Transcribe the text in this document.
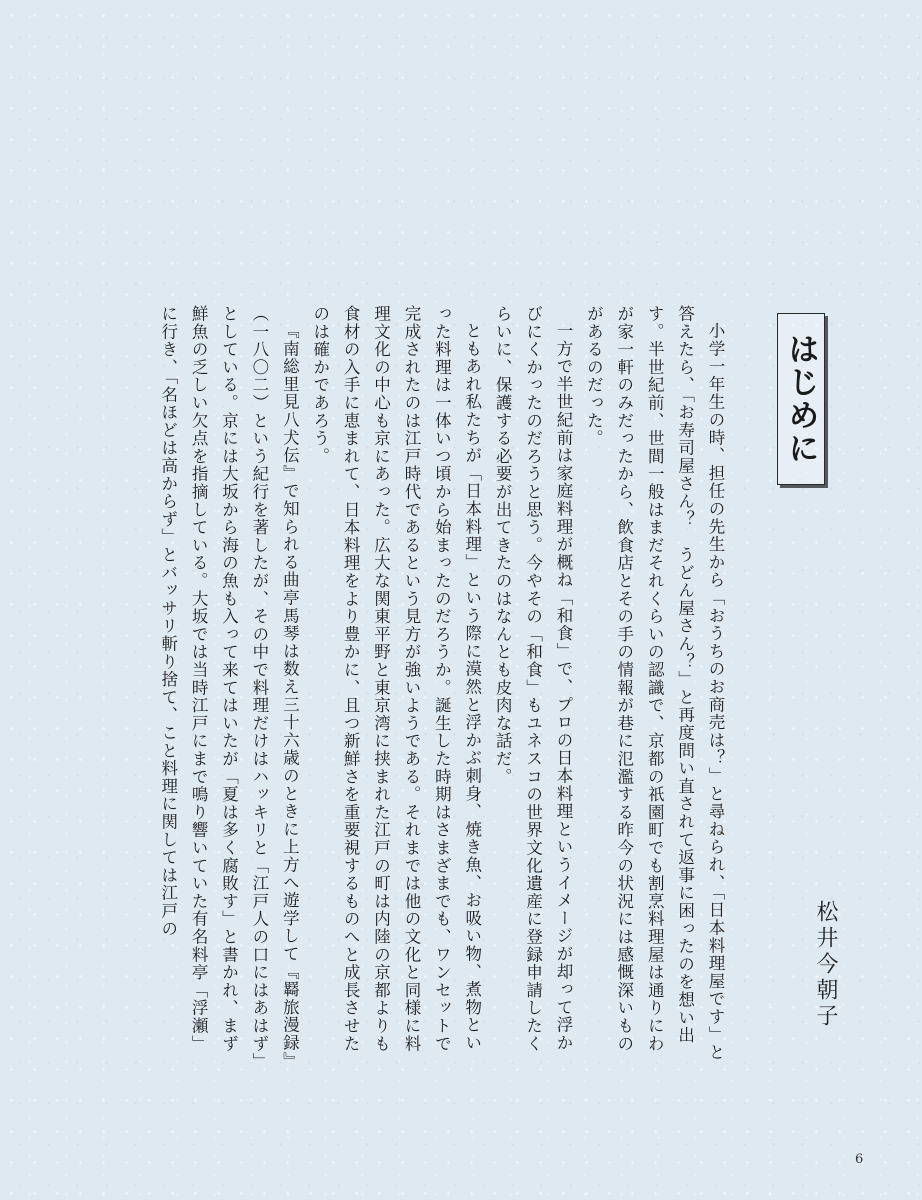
はじめに
松井今朝子

小学一年生の時、担任の先生から「おうちのお商売は？」と尋ねられ、「日本料理屋です」と答えたら、「お寿司屋さん？　うどん屋さん？」と再度問い直されて返事に困ったのを想い出す。半世紀前、世間一般はまだそれくらいの認識で、京都の祇園町でも割烹料理屋は通りにわが家一軒のみだったから、飲食店とその手の情報が巷に氾濫する昨今の状況には感慨深いものがあるのだった。

一方で半世紀前は家庭料理が概ね「和食」で、プロの日本料理というイメージが却って浮かびにくかったのだろうと思う。今やその「和食」もユネスコの世界文化遺産に登録申請したくらいに、保護する必要が出てきたのはなんとも皮肉な話だ。

ともあれ私たちが「日本料理」という際に漠然と浮かぶ刺身、焼き魚、お吸い物、煮物といった料理は一体いつ頃から始まったのだろうか。誕生した時期はさまざまでも、ワンセットで完成されたのは江戸時代であるという見方が強いようである。それまでは他の文化と同様に料理文化の中心も京にあった。広大な関東平野と東京湾に挟まれた江戸の町は内陸の京都よりも食材の入手に恵まれて、日本料理をより豊かに、且つ新鮮さを重要視するものへと成長させたのは確かであろう。

『南総里見八犬伝』で知られる曲亭馬琴は数え三十六歳のときに上方へ遊学して『羇旅漫録』（一八〇二）という紀行を著したが、その中で料理だけはハッキリと「江戸人の口にはあはず」としている。京には大坂から海の魚も入って来てはいたが「夏は多く腐敗す」と書かれ、まず鮮魚の乏しい欠点を指摘している。大坂では当時江戸にまで鳴り響いていた有名料亭「浮瀬」に行き、「名ほどは高からず」とバッサリ斬り捨て、こと料理に関しては江戸の

6
